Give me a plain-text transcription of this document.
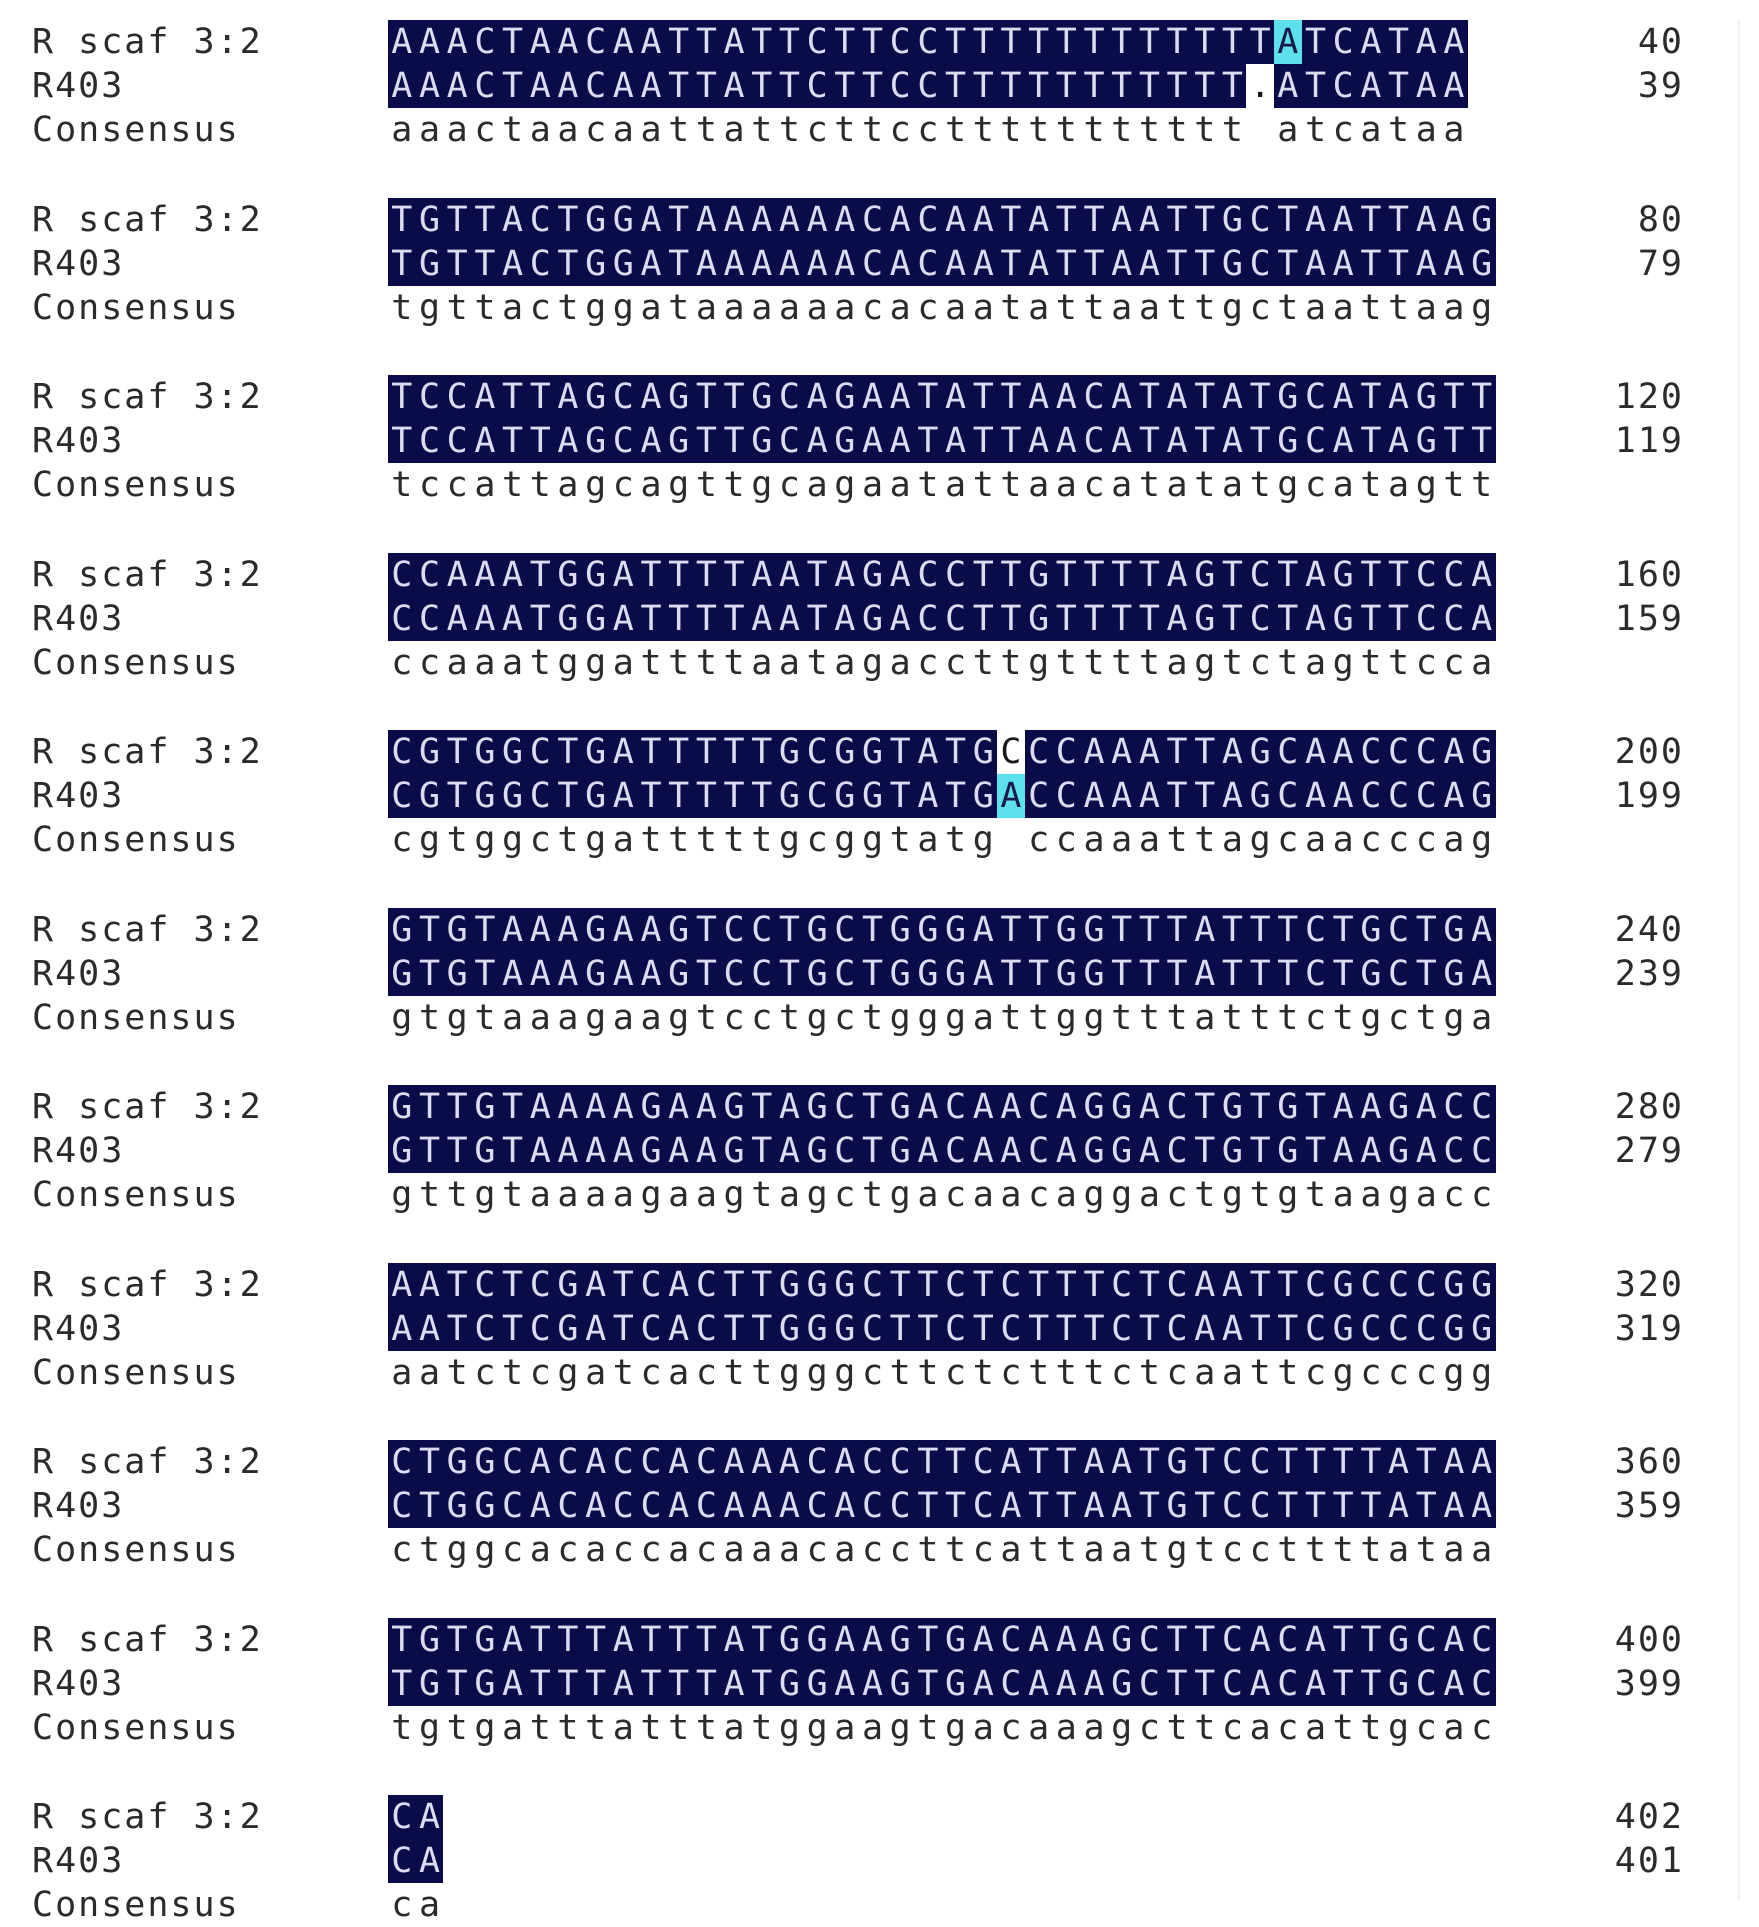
R scaf 3:2	A A A C T A A C A A T T A T T C T T C C T T T T T T T T T T T T A T C A T A A	40
R403	A A A C T A A C A A T T A T T C T T C C T T T T T T T T T T T . A T C A T A A	39
Consensus	a a a c t a a c a a t t a t t c t t c c t t t t t t t t t t t a t c a t a a
R scaf 3:2	T G T T A C T G G A T A A A A A A C A C A A T A T T A A T T G C T A A T T A A G	80
R403	T G T T A C T G G A T A A A A A A C A C A A T A T T A A T T G C T A A T T A A G	79
Consensus	t g t t a c t g g a t a a a a a a c a c a a t a t t a a t t g c t a a t t a a g
R scaf 3:2	T C C A T T A G C A G T T G C A G A A T A T T A A C A T A T A T G C A T A G T T	120
R403	T C C A T T A G C A G T T G C A G A A T A T T A A C A T A T A T G C A T A G T T	119
Consensus	t c c a t t a g c a g t t g c a g a a t a t t a a c a t a t a t g c a t a g t t
R scaf 3:2	C C A A A T G G A T T T T A A T A G A C C T T G T T T T A G T C T A G T T C C A	160
R403	C C A A A T G G A T T T T A A T A G A C C T T G T T T T A G T C T A G T T C C A	159
Consensus	c c a a a t g g a t t t t a a t a g a c c t t g t t t t a g t c t a g t t c c a
R scaf 3:2	C G T G G C T G A T T T T T G C G G T A T G C C C A A A T T A G C A A C C C A G	200
R403	C G T G G C T G A T T T T T G C G G T A T G A C C A A A T T A G C A A C C C A G	199
Consensus	c g t g g c t g a t t t t t g c g g t a t g c c a a a t t a g c a a c c c a g
R scaf 3:2	G T G T A A A G A A G T C C T G C T G G G A T T G G T T T A T T T C T G C T G A	240
R403	G T G T A A A G A A G T C C T G C T G G G A T T G G T T T A T T T C T G C T G A	239
Consensus	g t g t a a a g a a g t c c t g c t g g g a t t g g t t t a t t t c t g c t g a
R scaf 3:2	G T T G T A A A A G A A G T A G C T G A C A A C A G G A C T G T G T A A G A C C	280
R403	G T T G T A A A A G A A G T A G C T G A C A A C A G G A C T G T G T A A G A C C	279
Consensus	g t t g t a a a a g a a g t a g c t g a c a a c a g g a c t g t g t a a g a c c
R scaf 3:2	A A T C T C G A T C A C T T G G G C T T C T C T T T C T C A A T T C G C C C G G	320
R403	A A T C T C G A T C A C T T G G G C T T C T C T T T C T C A A T T C G C C C G G	319
Consensus	a a t c t c g a t c a c t t g g g c t t c t c t t t c t c a a t t c g c c c g g
R scaf 3:2	C T G G C A C A C C A C A A A C A C C T T C A T T A A T G T C C T T T T A T A A	360
R403	C T G G C A C A C C A C A A A C A C C T T C A T T A A T G T C C T T T T A T A A	359
Consensus	c t g g c a c a c c a c a a a c a c c t t c a t t a a t g t c c t t t t a t a a
R scaf 3:2	T G T G A T T T A T T T A T G G A A G T G A C A A A G C T T C A C A T T G C A C	400
R403	T G T G A T T T A T T T A T G G A A G T G A C A A A G C T T C A C A T T G C A C	399
Consensus	t g t g a t t t a t t t a t g g a a g t g a c a a a g c t t c a c a t t g c a c
R scaf 3:2	C A	402
R403	C A	401
Consensus	c a
